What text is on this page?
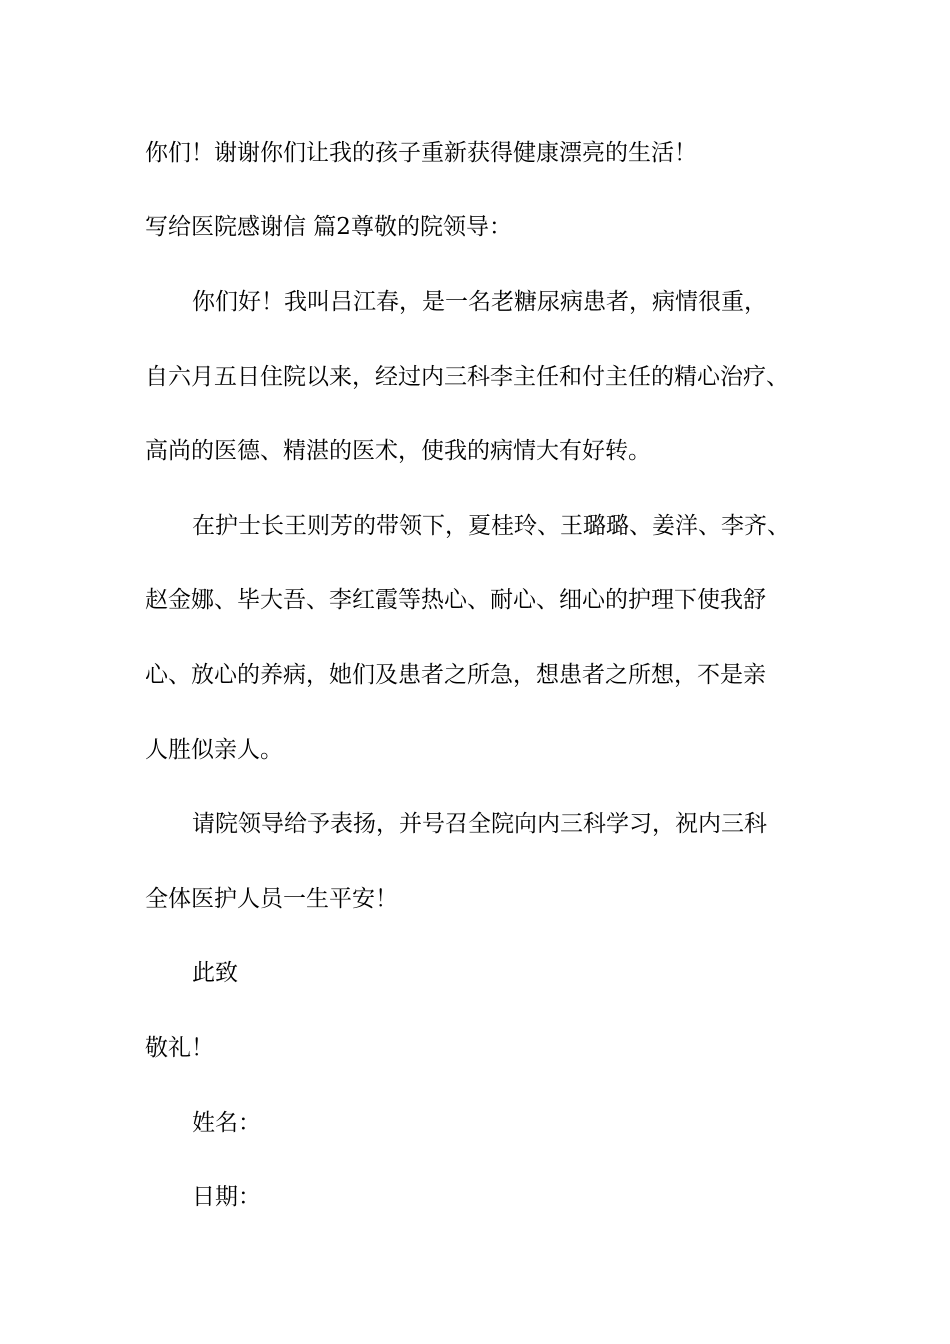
你们！谢谢你们让我的孩子重新获得健康漂亮的生活！

写给医院感谢信 篇2尊敬的院领导：

你们好！我叫吕江春，是一名老糖尿病患者，病情很重，

自六月五日住院以来，经过内三科李主任和付主任的精心治疗、

高尚的医德、精湛的医术，使我的病情大有好转。

在护士长王则芳的带领下，夏桂玲、王璐璐、姜洋、李齐、

赵金娜、毕大吾、李红霞等热心、耐心、细心的护理下使我舒

心、放心的养病，她们及患者之所急，想患者之所想，不是亲

人胜似亲人。

请院领导给予表扬，并号召全院向内三科学习，祝内三科

全体医护人员一生平安！

此致

敬礼！

姓名：

日期：
